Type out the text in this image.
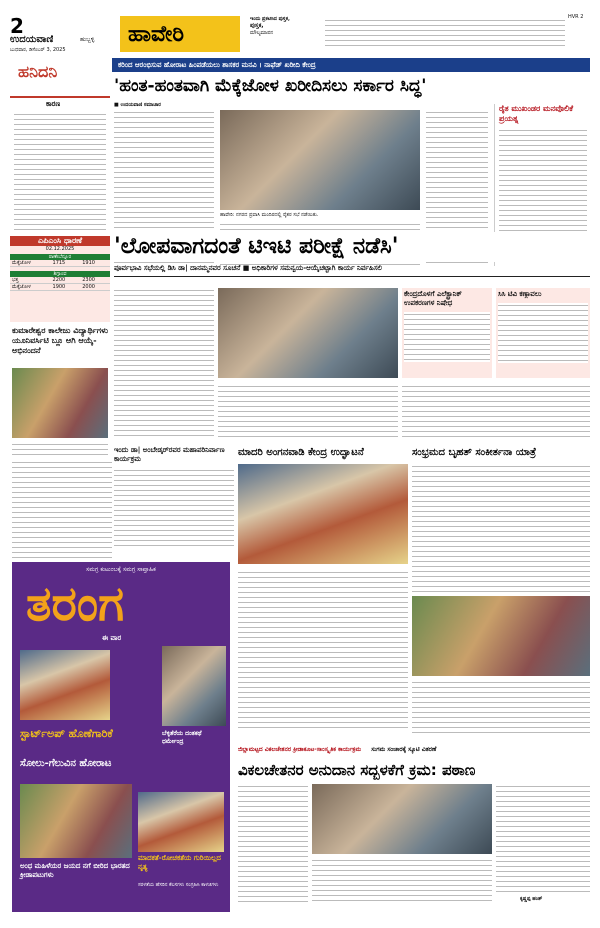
2
ಉದಯವಾಣಿ	ಹುಬ್ಬಳ್ಳಿ
ಬುಧವಾರ, ಡಿಸೆಂಬರ್ 3, 2025
ಹಾವೇರಿ
ಇಂದು ಪ್ರಕಟಿಸಿದ ಪುಸ್ತಕ,
ಪುಸ್ತಕ,
ಮೌಲ್ಯಮಾಪನ
HVR 2
ಕರಿಂದ ಆರಂಭಿಸುವ ಹೋರಾಟ ಹಿಂಪಡೆಯಲು ಶಾಸಕರ ಮನವಿ । ನಾಫೆಡ್ ಖರೀದಿ ಕೇಂದ್ರ
ಹನಿದನಿ
ಕಾರಣ
ಎಪಿಎಂಸಿ ಧಾರಣೆ
02.12.2025
ರಾಣೇಬೆನ್ನೂರ
ಮೆಕ್ಕೆಜೋಳ	1715	1910
ಶಿಗ್ಗಾಂವ
ಭತ್ತ	2200	2300
ಮೆಕ್ಕೆಜೋಳ	1900	2000
ಕುಮಾರೇಶ್ವರ ಕಾಲೇಜು ವಿದ್ಯಾರ್ಥಿಗಳು ಯೂನಿವರ್ಸಿಟಿ ಬ್ಲೂ ಆಗಿ ಆಯ್ಕೆ-ಅಭಿನಂದನೆ
ಸಮಗ್ರ ಕುಟುಂಬಕ್ಕೆ ಸಮಗ್ರ ಸಾಪ್ತಾಹಿಕ
ತರಂಗ
ಈ ವಾರ
ಬೆಳ್ಳಿತೆರೆಯ ದಂತಕಥೆ ಧರ್ಮೇಂದ್ರ
ಸ್ಟಾರ್ಟ್ಅಪ್ ಹೊಣೆಗಾರಿಕೆ
ಸೋಲು-ಗೆಲುವಿನ ಹೋರಾಟ
ಮಾದಕತೆ-ರೋಚಕತೆಯ ಗುರಿಯಿಲ್ಲದ ನೃತ್ಯ
ಅಂಧ ಮಹಿಳೆಯರ ಜಯದ ನಗೆ ಬೀರಿದ ಭಾರತದ ಕ್ರೀಡಾಪಟುಗಳು
ಸರಳತೆಯ ಹೆಸರಿನ ಕೆಲಸಗಳು ಸಂಗ್ರಹಿಸಿ ಕಾಳಜಿಗಳು
'ಹಂತ-ಹಂತವಾಗಿ ಮೆಕ್ಕೆಜೋಳ ಖರೀದಿಸಲು ಸರ್ಕಾರ ಸಿದ್ಧ'
■ ಉದಯವಾಣಿ ಸಮಾಚಾರ
ಹಾವೇರಿ: ನಗರದ ಪ್ರವಾಸಿ ಮಂದಿರದಲ್ಲಿ ರೈತರ ಸಭೆ ನಡೆಯಿತು.
ರೈತ ಮುಖಂಡರ ಮನವೊಲಿಕೆ ಪ್ರಯತ್ನ
'ಲೋಪವಾಗದಂತೆ ಟಿಇಟಿ ಪರೀಕ್ಷೆ ನಡೆಸಿ'
ಪೂರ್ವಭಾವಿ ಸಭೆಯಲ್ಲಿ ಡಿಸಿ ಡಾ| ದಾನಮ್ಮನವರ ಸೂಚನೆ ■ ಅಧಿಕಾರಿಗಳ ಸಮನ್ವಯ-ಆಯ್ಕೆಚಟ್ಟಾಗಿ ಕಾರ್ಯ ನಿರ್ವಹಿಸಲಿ
ಕೇಂದ್ರದೊಳಗೆ ಎಲೆಕ್ಟ್ರಾನಿಕ್ ಉಪಕರಣಗಳ ನಿಷೇಧ
ಸಿಸಿ ಟಿವಿ ಕಣ್ಗಾವಲು
ಇಂದು ಡಾ| ಅಂಬೇಡ್ಕರ್‌ರವರ ಮಹಾಪರಿನಿರ್ವಾಣ ಕಾರ್ಯಕ್ರಮ
ಮಾದರಿ ಅಂಗನವಾಡಿ ಕೇಂದ್ರ ಉದ್ಘಾಟನೆ	ಸಂಭ್ರಮದ ಬೃಹತ್ ಸಂಕೀರ್ತನಾ ಯಾತ್ರೆ
ಜಿಲ್ಲಾಮಟ್ಟದ ವಿಕಲಚೇತನರ ಕ್ರೀಡಾಕೂಟ-ಸಾಂಸ್ಕೃತಿಕ ಕಾರ್ಯಕ್ರಮ ಸುಗಮ ಸಂಚಾರಕ್ಕೆ ಸ್ಕೂಟಿ ವಿತರಣೆ
ವಿಕಲಚೇತನರ ಅನುದಾನ ಸದ್ಬಳಕೆಗೆ ಕ್ರಮ: ಪಠಾಣ
ಕೃಷ್ಣಪ್ಪ ಹಂತ್
